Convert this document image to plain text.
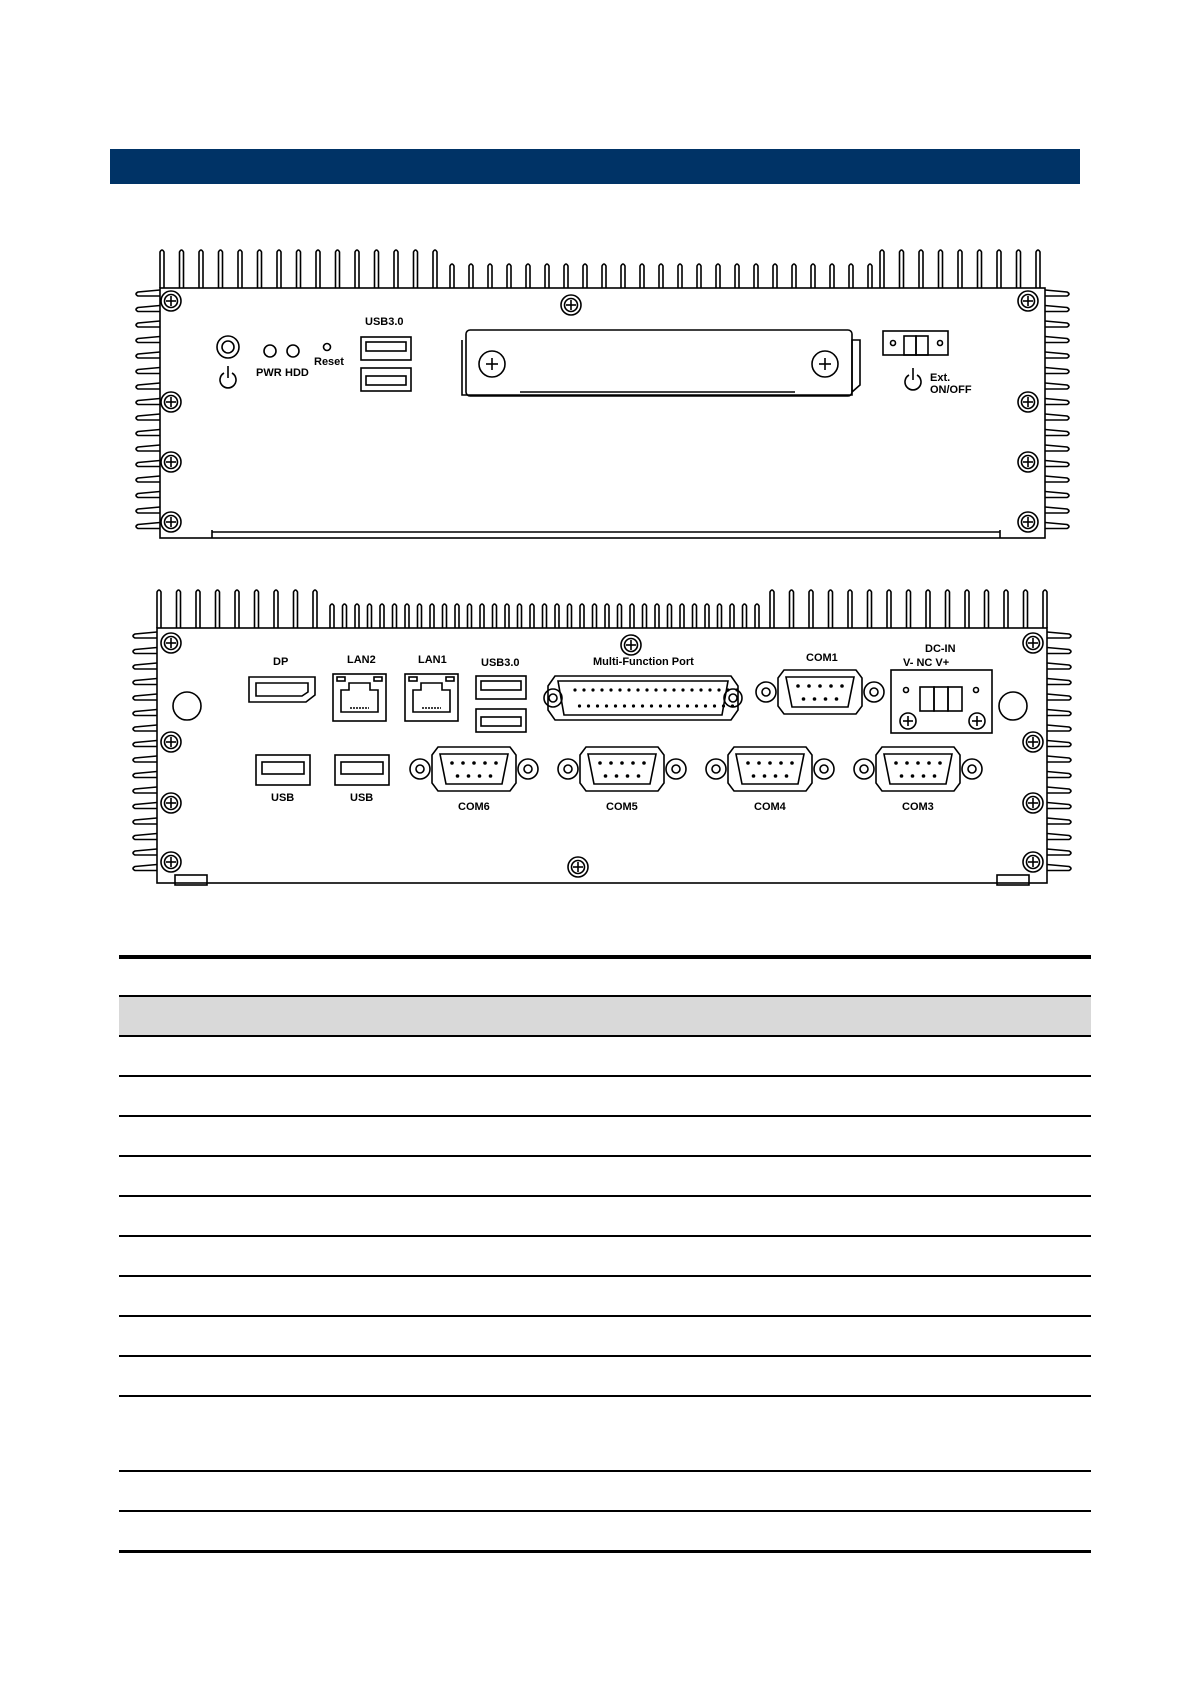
PWR HDD
Reset
USB3.0
Ext.
ON/OFF
DP	LAN2	LAN1	USB3.0	Multi-Function Port	COM1
DC-IN
V- NC V+
USB	USB
COM6	COM5	COM4	COM3
